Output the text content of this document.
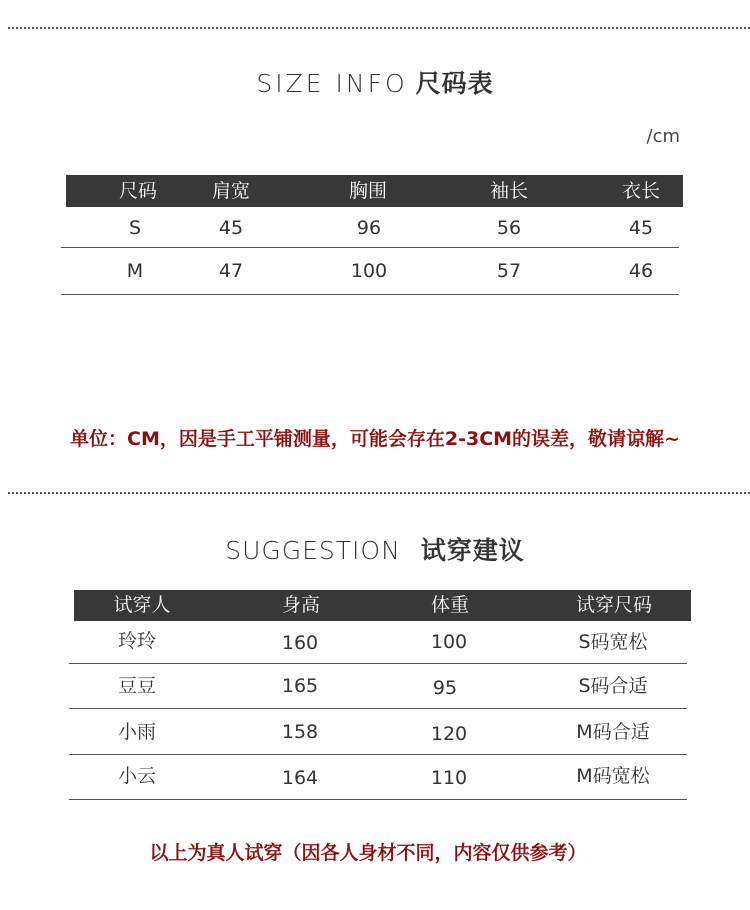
SIZE INFO 尺码表
/cm
尺码	肩宽	胸围	袖长	衣长
S	45	96	56	45
M	47	100	57	46
单位：CM，因是手工平铺测量，可能会存在2-3CM的误差，敬请谅解~
SUGGESTION 试穿建议
试穿人	身高	体重	试穿尺码
玲玲	160	100	S码宽松
豆豆	165	95	S码合适
小雨	158	120	M码合适
小云	164	110	M码宽松
以上为真人试穿（因各人身材不同，内容仅供参考）
